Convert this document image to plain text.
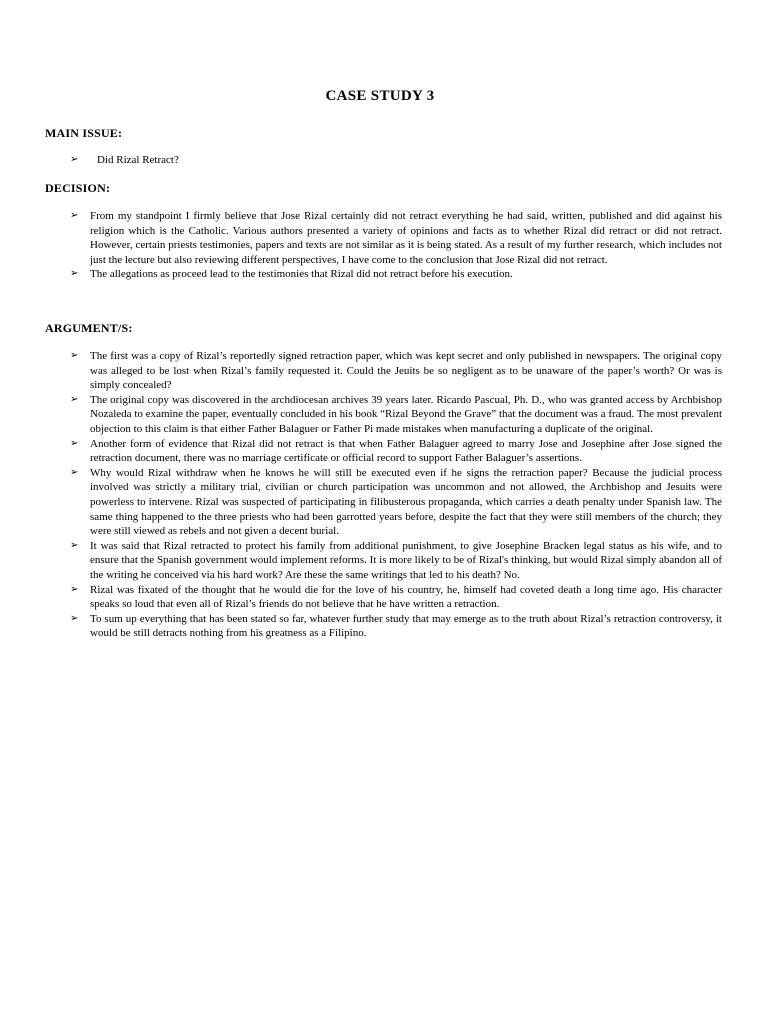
CASE STUDY 3
MAIN ISSUE:
➢ Did Rizal Retract?
DECISION:
➢ From my standpoint I firmly believe that Jose Rizal certainly did not retract everything he had said, written, published and did against his religion which is the Catholic. Various authors presented a variety of opinions and facts as to whether Rizal did retract or did not retract. However, certain priests testimonies, papers and texts are not similar as it is being stated. As a result of my further research, which includes not just the lecture but also reviewing different perspectives, I have come to the conclusion that Jose Rizal did not retract.
➢ The allegations as proceed lead to the testimonies that Rizal did not retract before his execution.
ARGUMENT/S:
➢ The first was a copy of Rizal’s reportedly signed retraction paper, which was kept secret and only published in newspapers. The original copy was alleged to be lost when Rizal’s family requested it. Could the Jeuits be so negligent as to be unaware of the paper’s worth? Or was is simply concealed?
➢ The original copy was discovered in the archdiocesan archives 39 years later. Ricardo Pascual, Ph. D., who was granted access by Archbishop Nozaleda to examine the paper, eventually concluded in his book “Rizal Beyond the Grave” that the document was a fraud. The most prevalent objection to this claim is that either Father Balaguer or Father Pi made mistakes when manufacturing a duplicate of the original.
➢ Another form of evidence that Rizal did not retract is that when Father Balaguer agreed to marry Jose and Josephine after Jose signed the retraction document, there was no marriage certificate or official record to support Father Balaguer’s assertions.
➢ Why would Rizal withdraw when he knows he will still be executed even if he signs the retraction paper? Because the judicial process involved was strictly a military trial, civilian or church participation was uncommon and not allowed, the Archbishop and Jesuits were powerless to intervene. Rizal was suspected of participating in filibusterous propaganda, which carries a death penalty under Spanish law. The same thing happened to the three priests who had been garrotted years before, despite the fact that they were still members of the church; they were still viewed as rebels and not given a decent burial.
➢ It was said that Rizal retracted to protect his family from additional punishment, to give Josephine Bracken legal status as his wife, and to ensure that the Spanish government would implement reforms. It is more likely to be of Rizal's thinking, but would Rizal simply abandon all of the writing he conceived via his hard work? Are these the same writings that led to his death? No.
➢ Rizal was fixated of the thought that he would die for the love of his country, he, himself had coveted death a long time ago. His character speaks so loud that even all of Rizal’s friends do not believe that he have written a retraction.
➢ To sum up everything that has been stated so far, whatever further study that may emerge as to the truth about Rizal’s retraction controversy, it would be still detracts nothing from his greatness as a Filipino.
